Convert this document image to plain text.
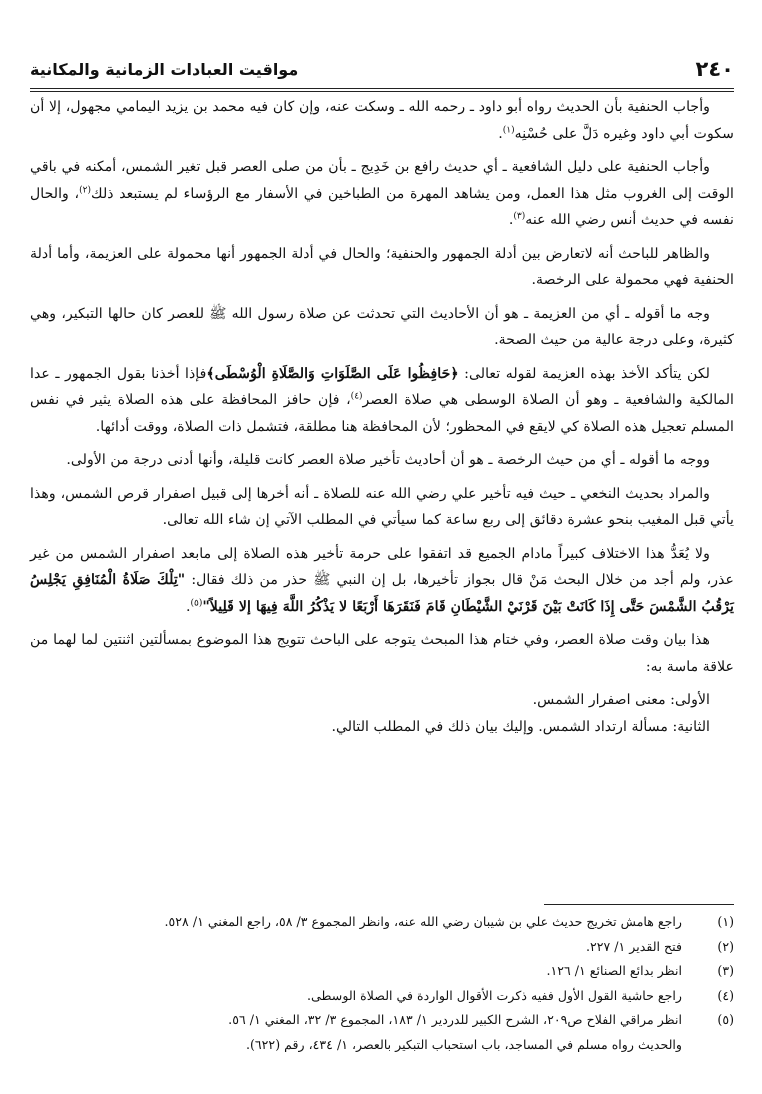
٢٤٠
مواقيت العبادات الزمانية والمكانية

وأجاب الحنفية بأن الحديث رواه أبو داود ـ رحمه الله ـ وسكت عنه، وإن كان فيه محمد بن يزيد اليمامي مجهول، إلا أن سكوت أبي داود وغيره دَلَّ على حُسْنِه$^{(١)}$.

وأجاب الحنفية على دليل الشافعية ـ أي حديث رافع بن خَدِيج ـ بأن من صلى العصر قبل تغير الشمس، أمكنه في باقي الوقت إلى الغروب مثل هذا العمل، ومن يشاهد المهرة من الطباخين في الأسفار مع الرؤساء لم يستبعد ذلك$^{(٢)}$، والحال نفسه في حديث أنس رضي الله عنه$^{(٣)}$.

والظاهر للباحث أنه لاتعارض بين أدلة الجمهور والحنفية؛ والحال في أدلة الجمهور أنها محمولة على العزيمة، وأما أدلة الحنفية فهي محمولة على الرخصة.

وجه ما أقوله ـ أي من العزيمة ـ هو أن الأحاديث التي تحدثت عن صلاة رسول الله ﷺ للعصر كان حالها التبكير، وهي كثيرة، وعلى درجة عالية من حيث الصحة.

لكن يتأكد الأخذ بهذه العزيمة لقوله تعالى: ﴿حَافِظُوا عَلَى الصَّلَوَاتِ وَالصَّلَاةِ الْوُسْطَى﴾فإذا أخذنا بقول الجمهور ـ عدا المالكية والشافعية ـ وهو أن الصلاة الوسطى هي صلاة العصر$^{(٤)}$، فإن حافز المحافظة على هذه الصلاة يثير في نفس المسلم تعجيل هذه الصلاة كي لايقع في المحظور؛ لأن المحافظة هنا مطلقة، فتشمل ذات الصلاة، ووقت أدائها.

ووجه ما أقوله ـ أي من حيث الرخصة ـ هو أن أحاديث تأخير صلاة العصر كانت قليلة، وأنها أدنى درجة من الأولى.

والمراد بحديث النخعي ـ حيث فيه تأخير علي رضي الله عنه للصلاة ـ أنه أخرها إلى قبيل اصفرار قرص الشمس، وهذا يأتي قبل المغيب بنحو عشرة دقائق إلى ربع ساعة كما سيأتي في المطلب الآتي إن شاء الله تعالى.

ولا يُعَدُّ هذا الاختلاف كبيراً مادام الجميع قد اتفقوا على حرمة تأخير هذه الصلاة إلى مابعد اصفرار الشمس من غير عذر، ولم أجد من خلال البحث مَنْ قال بجواز تأخيرها، بل إن النبي ﷺ حذر من ذلك فقال: "تِلْكَ صَلَاةُ الْمُنَافِقِ يَجْلِسُ يَرْقُبُ الشَّمْسَ حَتَّى إِذَا كَانَتْ بَيْنَ قَرْنَيْ الشَّيْطَانِ قَامَ فَنَقَرَهَا أَرْبَعًا لا يَذْكُرُ اللَّهَ فِيهَا إلا قَلِيلاً"$^{(٥)}$.

هذا بيان وقت صلاة العصر، وفي ختام هذا المبحث يتوجه على الباحث تتويج هذا الموضوع بمسألتين اثنتين لما لهما من علاقة ماسة به:

الأولى: معنى اصفرار الشمس.

الثانية: مسألة ارتداد الشمس. وإليك بيان ذلك في المطلب التالي.

(١)
راجع هامش تخريج حديث علي بن شيبان رضي الله عنه، وانظر المجموع ٣/ ٥٨، راجع المغني ١/ ٥٢٨.
(٢)
فتح القدير ١/ ٢٢٧.
(٣)
انظر بدائع الصنائع ١/ ١٢٦.
(٤)
راجع حاشية القول الأول ففيه ذكرت الأقوال الواردة في الصلاة الوسطى.
(٥)
انظر مراقي الفلاح ص٢٠٩، الشرح الكبير للدردير ١/ ١٨٣، المجموع ٣/ ٣٢، المغني ١/ ٥٦.
والحديث رواه مسلم في المساجد، باب استحباب التبكير بالعصر، ١/ ٤٣٤، رقم (٦٢٢).
